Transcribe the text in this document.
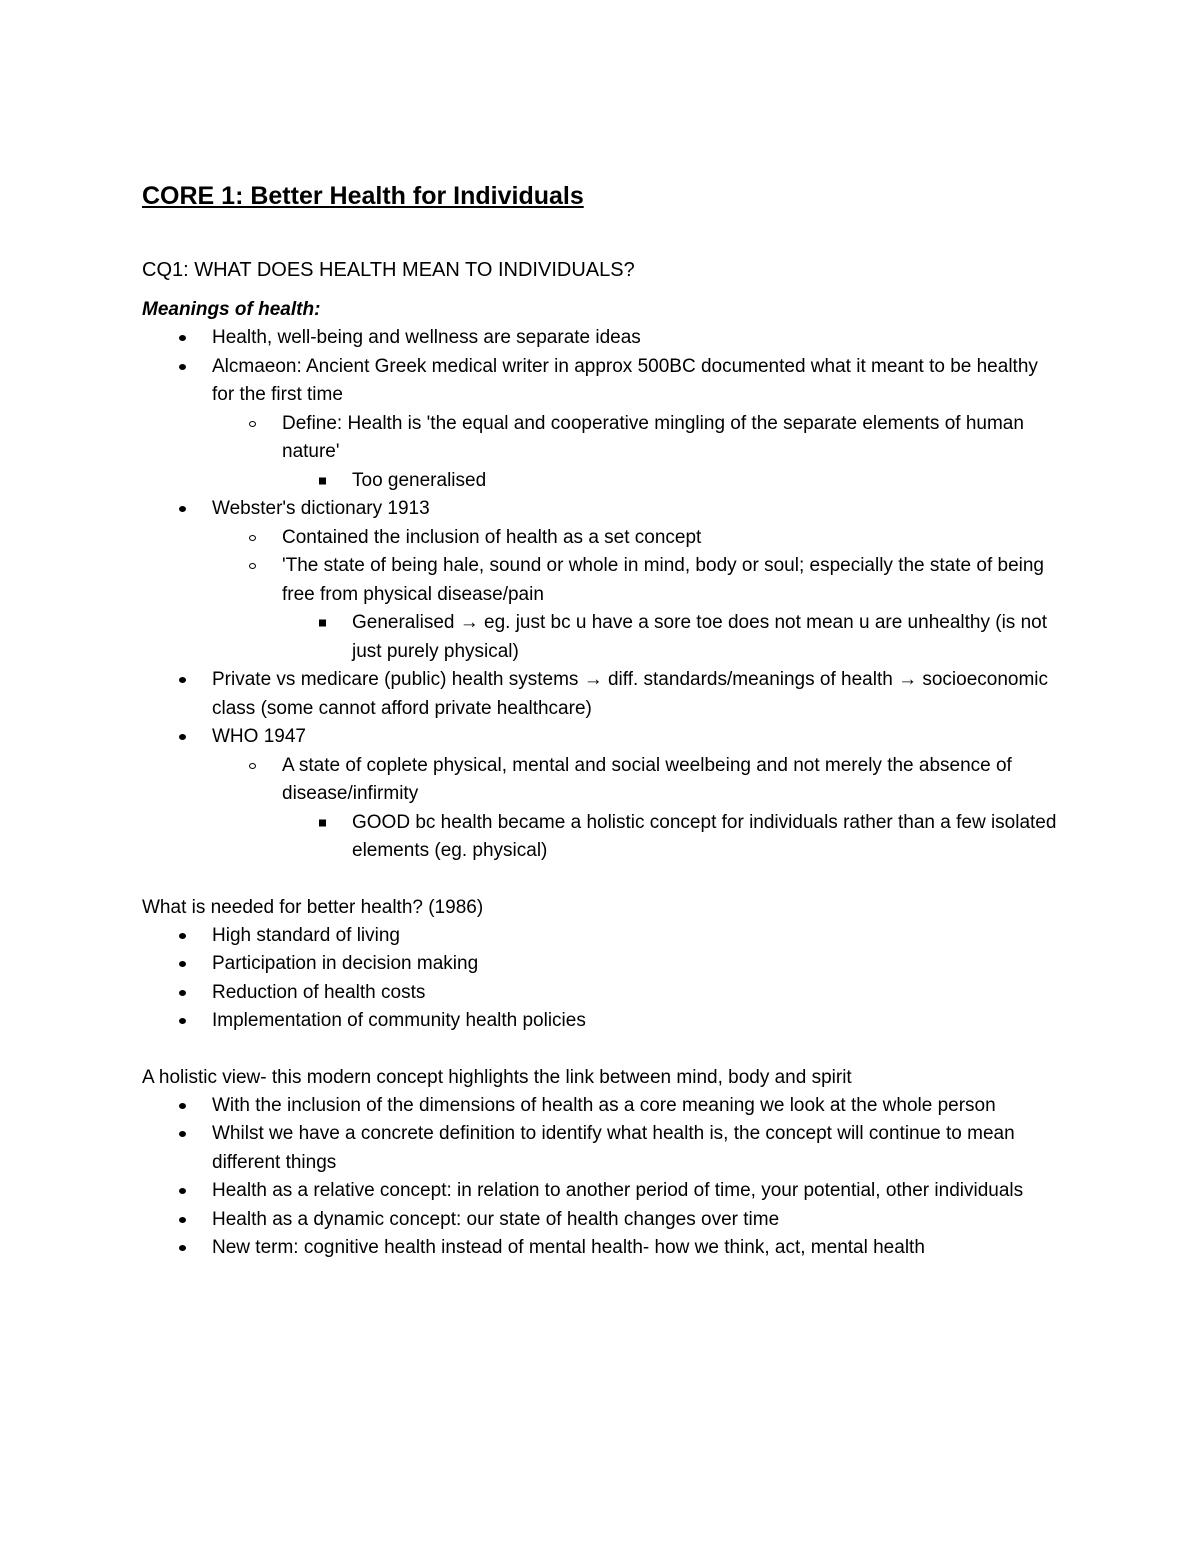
CORE 1: Better Health for Individuals
CQ1: WHAT DOES HEALTH MEAN TO INDIVIDUALS?
Meanings of health:
Health, well-being and wellness are separate ideas
Alcmaeon: Ancient Greek medical writer in approx 500BC documented what it meant to be healthy for the first time
Define: Health is 'the equal and cooperative mingling of the separate elements of human nature'
Too generalised
Webster's dictionary 1913
Contained the inclusion of health as a set concept
'The state of being hale, sound or whole in mind, body or soul; especially the state of being free from physical disease/pain
Generalised → eg. just bc u have a sore toe does not mean u are unhealthy (is not just purely physical)
Private vs medicare (public) health systems → diff. standards/meanings of health → socioeconomic class (some cannot afford private healthcare)
WHO 1947
A state of coplete physical, mental and social weelbeing and not merely the absence of disease/infirmity
GOOD bc health became a holistic concept for individuals rather than a few isolated elements (eg. physical)
What is needed for better health? (1986)
High standard of living
Participation in decision making
Reduction of health costs
Implementation of community health policies
A holistic view- this modern concept highlights the link between mind, body and spirit
With the inclusion of the dimensions of health as a core meaning we look at the whole person
Whilst we have a concrete definition to identify what health is, the concept will continue to mean different things
Health as a relative concept: in relation to another period of time, your potential, other individuals
Health as a dynamic concept: our state of health changes over time
New term: cognitive health instead of mental health- how we think, act, mental health
